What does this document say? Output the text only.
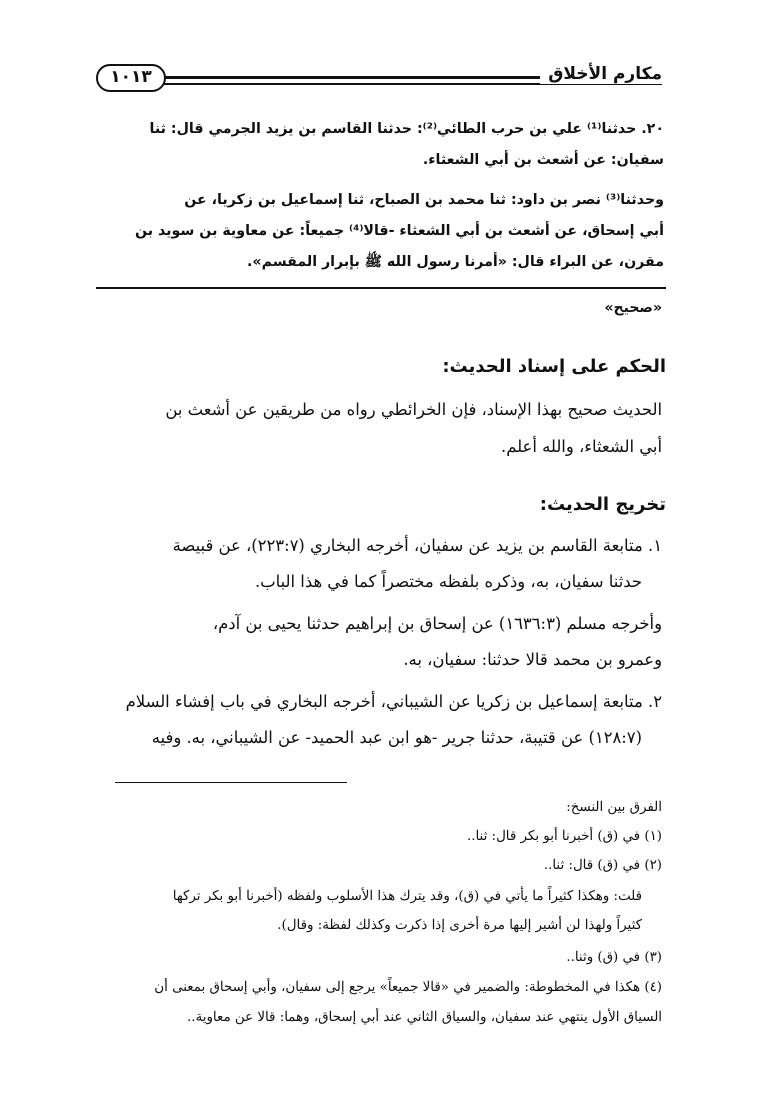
مكارم الأخلاق
١٠١٣
٢٠. حدثنا⁽¹⁾ علي بن حرب الطائي⁽²⁾: حدثنا القاسم بن يزيد الجرمي قال: ثنا
سفيان: عن أشعث بن أبي الشعثاء.
وحدثنا⁽³⁾ نصر بن داود: ثنا محمد بن الصباح، ثنا إسماعيل بن زكريا، عن
أبي إسحاق، عن أشعث بن أبي الشعثاء -قالا⁽⁴⁾ جميعاً: عن معاوية بن سويد بن
مقرن، عن البراء قال: «أمرنا رسول الله ﷺ بإبرار المقسم».
«صحيح»
الحكم على إسناد الحديث:
الحديث صحيح بهذا الإسناد، فإن الخرائطي رواه من طريقين عن أشعث بن
أبي الشعثاء، والله أعلم.
تخريج الحديث:
١. متابعة القاسم بن يزيد عن سفيان، أخرجه البخاري (٢٢٣:٧)، عن قبيصة
حدثنا سفيان، به، وذكره بلفظه مختصراً كما في هذا الباب.
وأخرجه مسلم (١٦٣٦:٣) عن إسحاق بن إبراهيم حدثنا يحيى بن آدم،
وعمرو بن محمد قالا حدثنا: سفيان، به.
٢. متابعة إسماعيل بن زكريا عن الشيباني، أخرجه البخاري في باب إفشاء السلام
(١٢٨:٧) عن قتيبة، حدثنا جرير -هو ابن عبد الحميد- عن الشيباني، به. وفيه
الفرق بين النسخ:
(١) في (ق) أخبرنا أبو بكر قال: ثنا..
(٢) في (ق) قال: ثنا..
قلت: وهكذا كثيراً ما يأتي في (ق)، وقد يترك هذا الأسلوب ولفظه (أخبرنا أبو بكر تركها
كثيراً ولهذا لن أشير إليها مرة أخرى إذا ذكرت وكذلك لفظة: وقال).
(٣) في (ق) وثنا..
(٤) هكذا في المخطوطة: والضمير في «قالا جميعاً» يرجع إلى سفيان، وأبي إسحاق بمعنى أن
السياق الأول ينتهي عند سفيان، والسياق الثاني عند أبي إسحاق، وهما: قالا عن معاوية..
